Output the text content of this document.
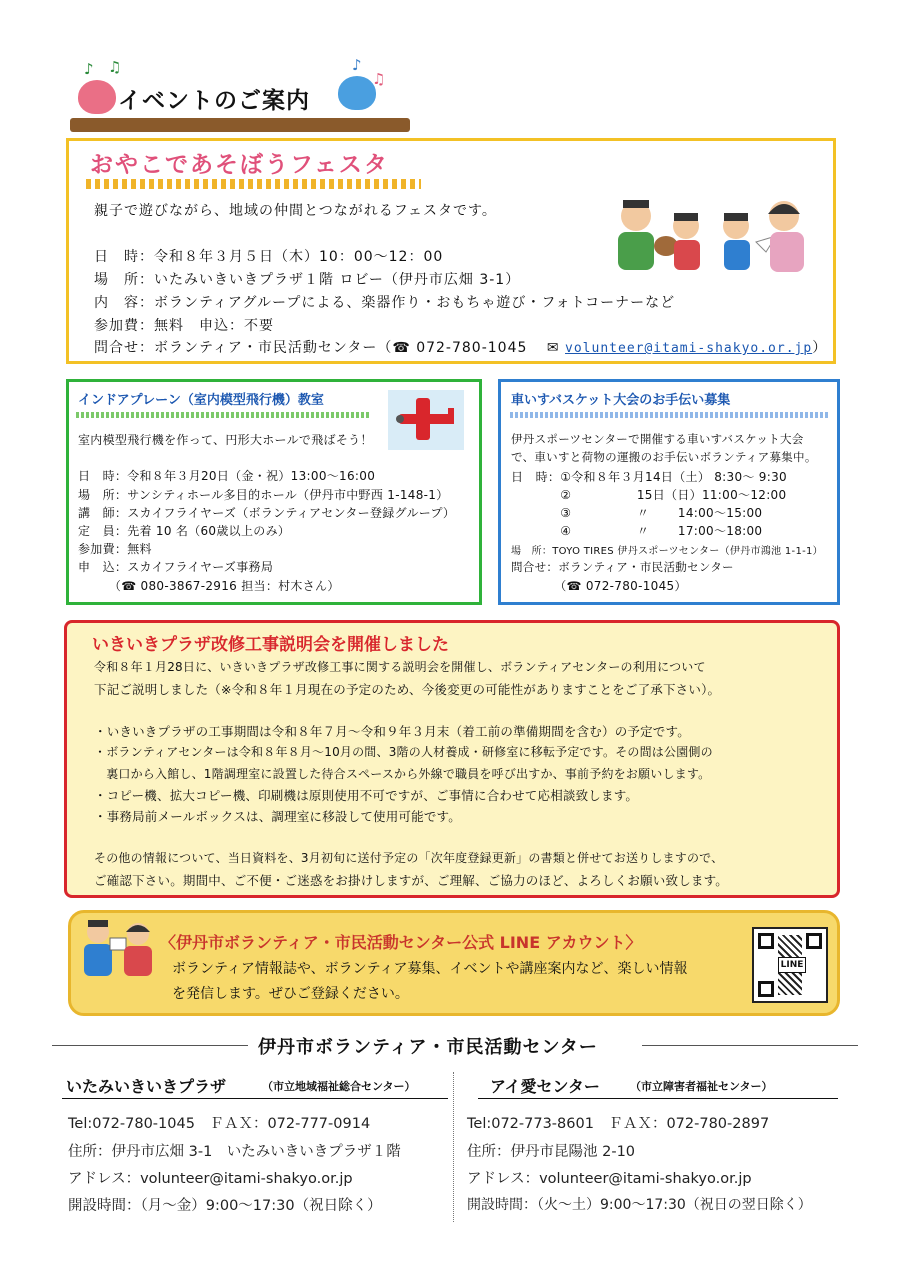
♪ ♫	♪
♫
イベントのご案内
おやこであそぼうフェスタ
親子で遊びながら、地域の仲間とつながれるフェスタです。
日　時：令和８年３月５日（木）10：00～12：00
場　所：いたみいきいきプラザ１階 ロビー（伊丹市広畑 3-1）
内　容：ボランティアグループによる、楽器作り・おもちゃ遊び・フォトコーナーなど
参加費：無料　申込：不要
問合せ：ボランティア・市民活動センター（☎ 072-780-1045 ✉ volunteer@itami-shakyo.or.jp）
インドアプレーン（室内模型飛行機）教室
室内模型飛行機を作って、円形大ホールで飛ばそう！
日　時：令和８年３月20日（金・祝）13:00～16:00
場　所：サンシティホール多目的ホール（伊丹市中野西 1-148-1）
講　師：スカイフライヤーズ（ボランティアセンター登録グループ）
定　員：先着 10 名（60歳以上のみ）
参加費：無料
申　込：スカイフライヤーズ事務局
　　　（☎ 080-3867-2916 担当：村木さん）
車いすバスケット大会のお手伝い募集
伊丹スポーツセンターで開催する車いすバスケット大会
で、車いすと荷物の運搬のお手伝いボランティア募集中。
日　時：①令和８年３月14日（土） 8:30～ 9:30
　　　　②　　　　　 15日（日）11:00～12:00
　　　　③　　　　　 〃　　 14:00～15:00
　　　　④　　　　　 〃　　 17:00～18:00
場　所：TOYO TIRES 伊丹スポーツセンター（伊丹市鴻池 1-1-1）
問合せ：ボランティア・市民活動センター
　　　　（☎ 072-780-1045）
いきいきプラザ改修工事説明会を開催しました
令和８年１月28日に、いきいきプラザ改修工事に関する説明会を開催し、ボランティアセンターの利用について
下記ご説明しました（※令和８年１月現在の予定のため、今後変更の可能性がありますことをご了承下さい）。
・いきいきプラザの工事期間は令和８年７月～令和９年３月末（着工前の準備期間を含む）の予定です。
・ボランティアセンターは令和８年８月～10月の間、3階の人材養成・研修室に移転予定です。その間は公園側の
　裏口から入館し、1階調理室に設置した待合スペースから外線で職員を呼び出すか、事前予約をお願いします。
・コピー機、拡大コピー機、印刷機は原則使用不可ですが、ご事情に合わせて応相談致します。
・事務局前メールボックスは、調理室に移設して使用可能です。
その他の情報について、当日資料を、3月初旬に送付予定の「次年度登録更新」の書類と併せてお送りしますので、
ご確認下さい。期間中、ご不便・ご迷惑をお掛けしますが、ご理解、ご協力のほど、よろしくお願い致します。
〈伊丹市ボランティア・市民活動センター公式 LINE アカウント〉
ボランティア情報誌や、ボランティア募集、イベントや講座案内など、楽しい情報
を発信します。ぜひご登録ください。
LINE
伊丹市ボランティア・市民活動センター
いたみいきいきプラザ	（市立地域福祉総合センター）
Tel:072-780-1045　ＦＡＸ：072-777-0914
住所：伊丹市広畑 3-1　いたみいきいきプラザ１階
アドレス：volunteer@itami-shakyo.or.jp
開設時間：（月～金）9:00～17:30（祝日除く）
アイ愛センター	（市立障害者福祉センター）
Tel:072-773-8601　ＦＡＸ：072-780-2897
住所：伊丹市昆陽池 2-10
アドレス：volunteer@itami-shakyo.or.jp
開設時間：（火～土）9:00～17:30（祝日の翌日除く）
